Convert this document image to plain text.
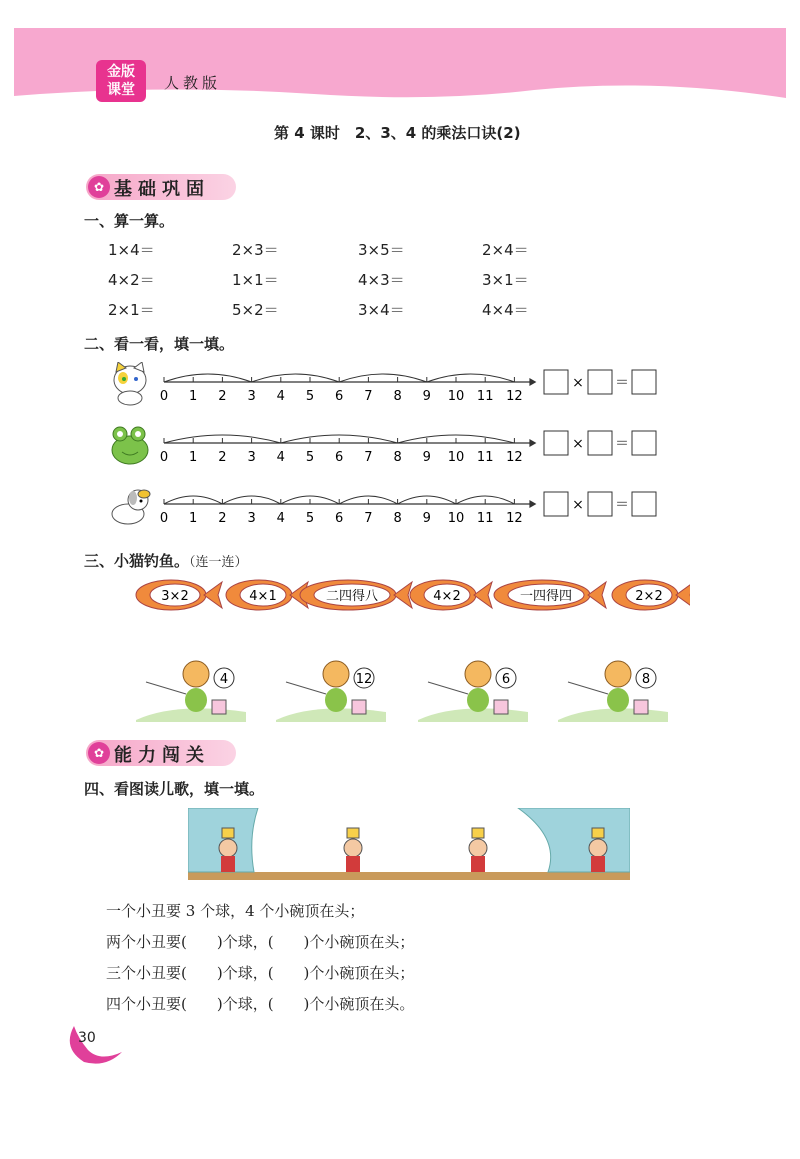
金版
课堂	人教版
第 4 课时　2、3、4 的乘法口诀(2)
✿ 基础巩固
一、算一算。
1×4＝	2×3＝	3×5＝	2×4＝
4×2＝	1×1＝	4×3＝	3×1＝
2×1＝	5×2＝	3×4＝	4×4＝
二、看一看，填一填。
0 1 2 3 4 5 6 7 8 9 10 11 12
× ＝
0 1 2 3 4 5 6 7 8 9 10 11 12
× ＝
0 1 2 3 4 5 6 7 8 9 10 11 12
× ＝
三、小猫钓鱼。（连一连）
3×2	4×1	二四得八	4×2	一四得四	2×2
4	12	6	8
✿ 能力闯关
四、看图读儿歌，填一填。
一个小丑要 3 个球，4 个小碗顶在头；
两个小丑要(　　)个球，(　　)个小碗顶在头；
三个小丑要(　　)个球，(　　)个小碗顶在头；
四个小丑要(　　)个球，(　　)个小碗顶在头。
30
